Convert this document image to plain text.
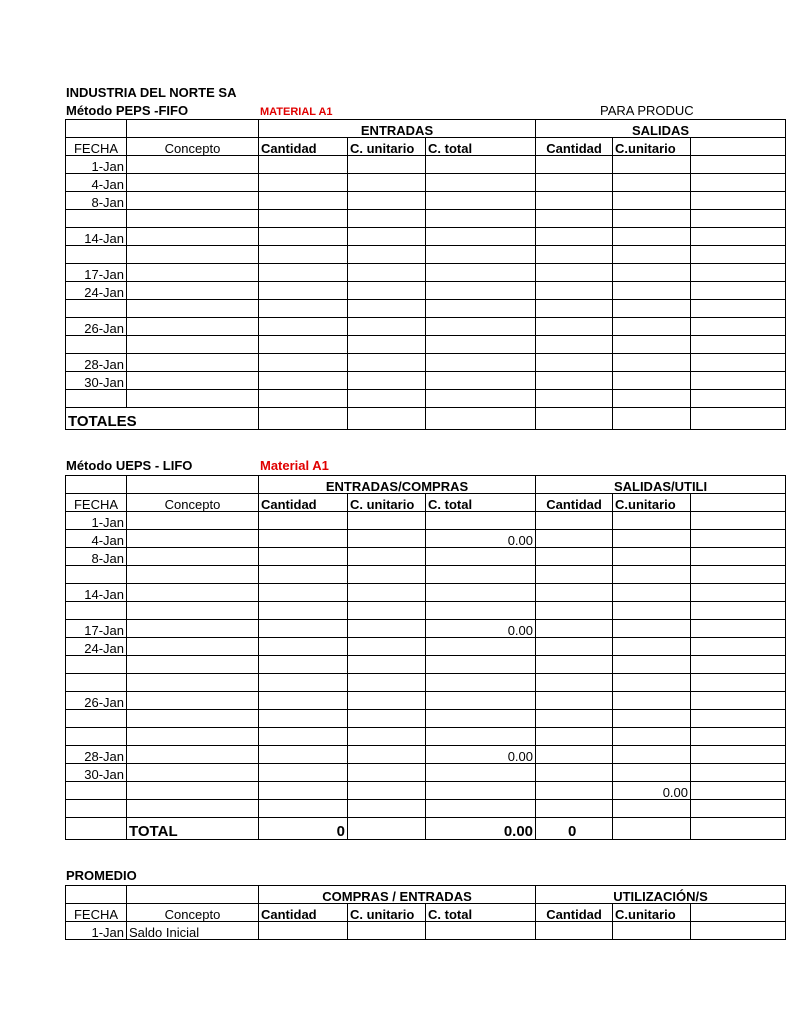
INDUSTRIA DEL NORTE SA
Método PEPS -FIFO	MATERIAL A1	PARA PRODUC
		ENTRADAS			SALIDAS		
FECHA	Concepto	Cantidad	C. unitario	C. total	Cantidad	C.unitario	
1-Jan							
4-Jan							
8-Jan							

14-Jan							

17-Jan							
24-Jan							

26-Jan							

28-Jan							
30-Jan							

TOTALES							
Método UEPS - LIFO	Material A1
		ENTRADAS/COMPRAS			SALIDAS/UTILI		
FECHA	Concepto	Cantidad	C. unitario	C. total	Cantidad	C.unitario	
1-Jan							
4-Jan				0.00			
8-Jan							

14-Jan							

17-Jan				0.00			
24-Jan							

26-Jan							

28-Jan				0.00			
30-Jan							
						0.00	

	TOTAL	0		0.00	0		
PROMEDIO
		COMPRAS / ENTRADAS			UTILIZACIÓN/S		
FECHA	Concepto	Cantidad	C. unitario	C. total	Cantidad	C.unitario	
1-Jan	Saldo Inicial						
